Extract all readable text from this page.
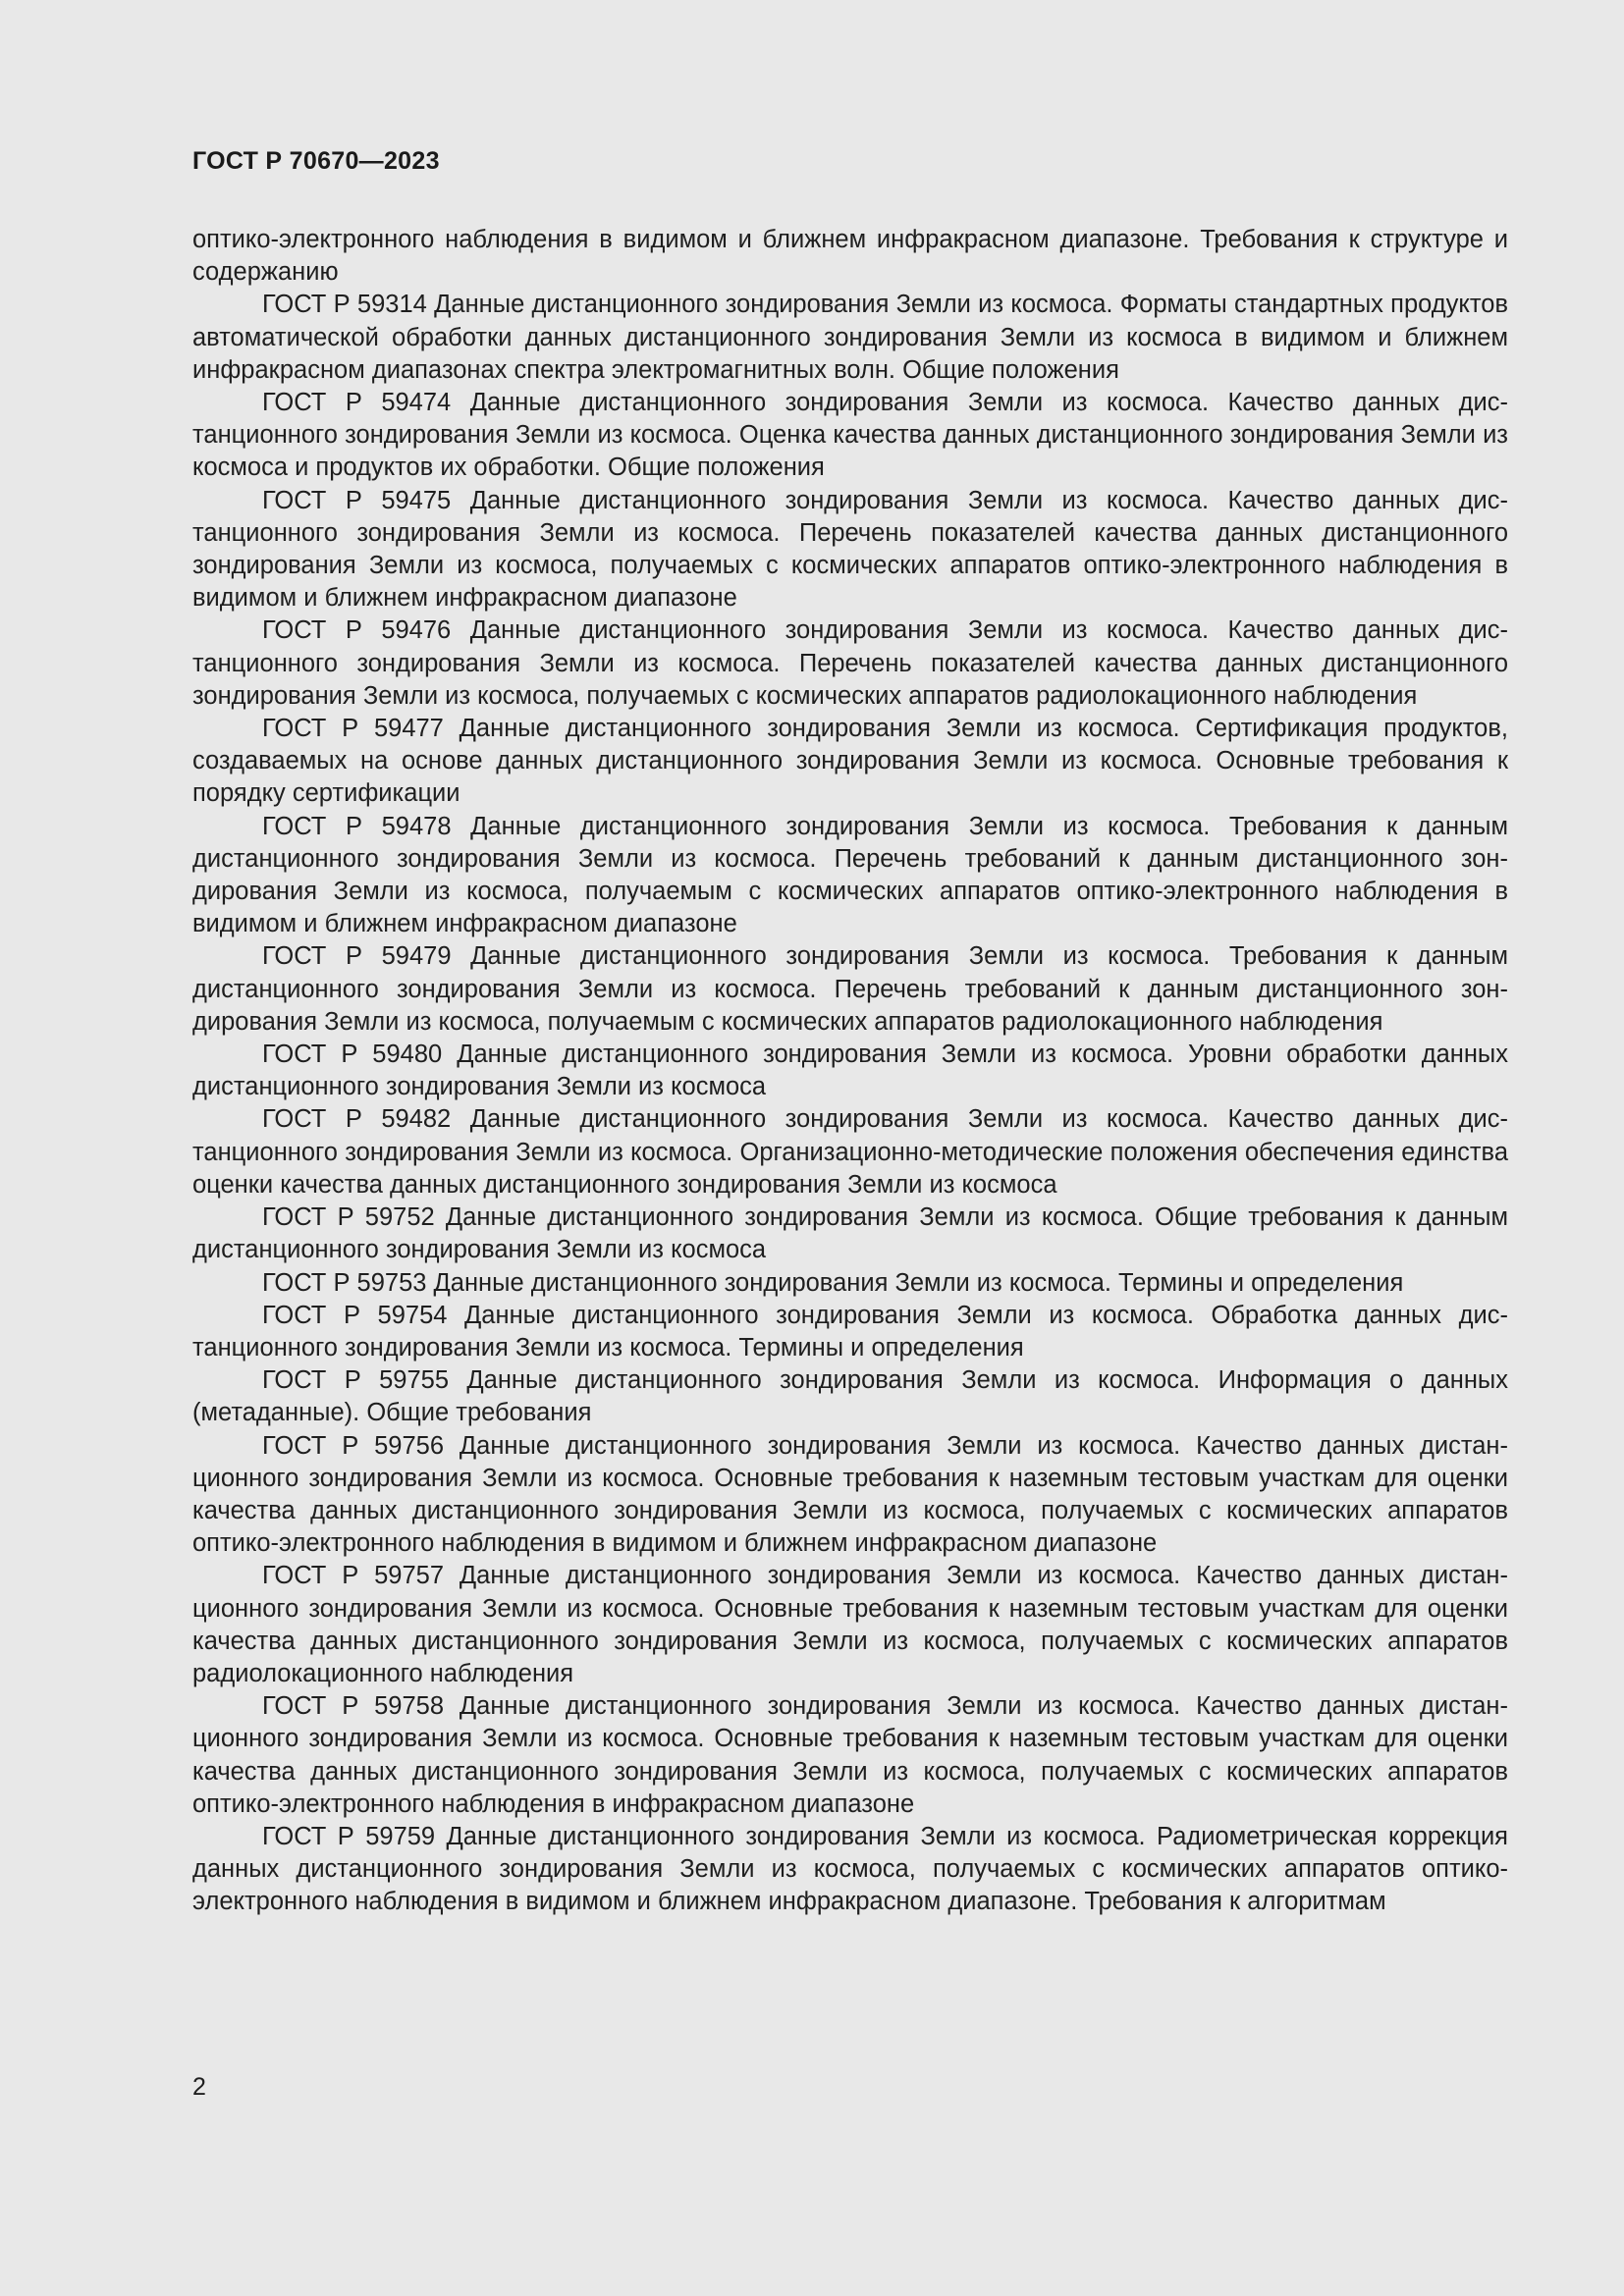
ГОСТ Р 70670—2023

оптико-электронного наблюдения в видимом и ближнем инфракрасном диапазоне. Требования к структуре и содержанию

ГОСТ Р 59314 Данные дистанционного зондирования Земли из космоса. Форматы стандартных продуктов автоматической обработки данных дистанционного зондирования Земли из космоса в видимом и ближнем инфракрасном диапазонах спектра электромагнитных волн. Общие положения

ГОСТ Р 59474 Данные дистанционного зондирования Земли из космоса. Качество данных дистанционного зондирования Земли из космоса. Оценка качества данных дистанционного зондирования Земли из космоса и продуктов их обработки. Общие положения

ГОСТ Р 59475 Данные дистанционного зондирования Земли из космоса. Качество данных дистанционного зондирования Земли из космоса. Перечень показателей качества данных дистанционного зондирования Земли из космоса, получаемых с космических аппаратов оптико-электронного наблюдения в видимом и ближнем инфракрасном диапазоне

ГОСТ Р 59476 Данные дистанционного зондирования Земли из космоса. Качество данных дистанционного зондирования Земли из космоса. Перечень показателей качества данных дистанционного зондирования Земли из космоса, получаемых с космических аппаратов радиолокационного наблюдения

ГОСТ Р 59477 Данные дистанционного зондирования Земли из космоса. Сертификация продуктов, создаваемых на основе данных дистанционного зондирования Земли из космоса. Основные требования к порядку сертификации

ГОСТ Р 59478 Данные дистанционного зондирования Земли из космоса. Требования к данным дистанционного зондирования Земли из космоса. Перечень требований к данным дистанционного зондирования Земли из космоса, получаемым с космических аппаратов оптико-электронного наблюдения в видимом и ближнем инфракрасном диапазоне

ГОСТ Р 59479 Данные дистанционного зондирования Земли из космоса. Требования к данным дистанционного зондирования Земли из космоса. Перечень требований к данным дистанционного зондирования Земли из космоса, получаемым с космических аппаратов радиолокационного наблюдения

ГОСТ Р 59480 Данные дистанционного зондирования Земли из космоса. Уровни обработки данных дистанционного зондирования Земли из космоса

ГОСТ Р 59482 Данные дистанционного зондирования Земли из космоса. Качество данных дистанционного зондирования Земли из космоса. Организационно-методические положения обеспечения единства оценки качества данных дистанционного зондирования Земли из космоса

ГОСТ Р 59752 Данные дистанционного зондирования Земли из космоса. Общие требования к данным дистанционного зондирования Земли из космоса

ГОСТ Р 59753 Данные дистанционного зондирования Земли из космоса. Термины и определения

ГОСТ Р 59754 Данные дистанционного зондирования Земли из космоса. Обработка данных дистанционного зондирования Земли из космоса. Термины и определения

ГОСТ Р 59755 Данные дистанционного зондирования Земли из космоса. Информация о данных (метаданные). Общие требования

ГОСТ Р 59756 Данные дистанционного зондирования Земли из космоса. Качество данных дистанционного зондирования Земли из космоса. Основные требования к наземным тестовым участкам для оценки качества данных дистанционного зондирования Земли из космоса, получаемых с космических аппаратов оптико-электронного наблюдения в видимом и ближнем инфракрасном диапазоне

ГОСТ Р 59757 Данные дистанционного зондирования Земли из космоса. Качество данных дистанционного зондирования Земли из космоса. Основные требования к наземным тестовым участкам для оценки качества данных дистанционного зондирования Земли из космоса, получаемых с космических аппаратов радиолокационного наблюдения

ГОСТ Р 59758 Данные дистанционного зондирования Земли из космоса. Качество данных дистанционного зондирования Земли из космоса. Основные требования к наземным тестовым участкам для оценки качества данных дистанционного зондирования Земли из космоса, получаемых с космических аппаратов оптико-электронного наблюдения в инфракрасном диапазоне

ГОСТ Р 59759 Данные дистанционного зондирования Земли из космоса. Радиометрическая коррекция данных дистанционного зондирования Земли из космоса, получаемых с космических аппаратов оптико-электронного наблюдения в видимом и ближнем инфракрасном диапазоне. Требования к алгоритмам

2
